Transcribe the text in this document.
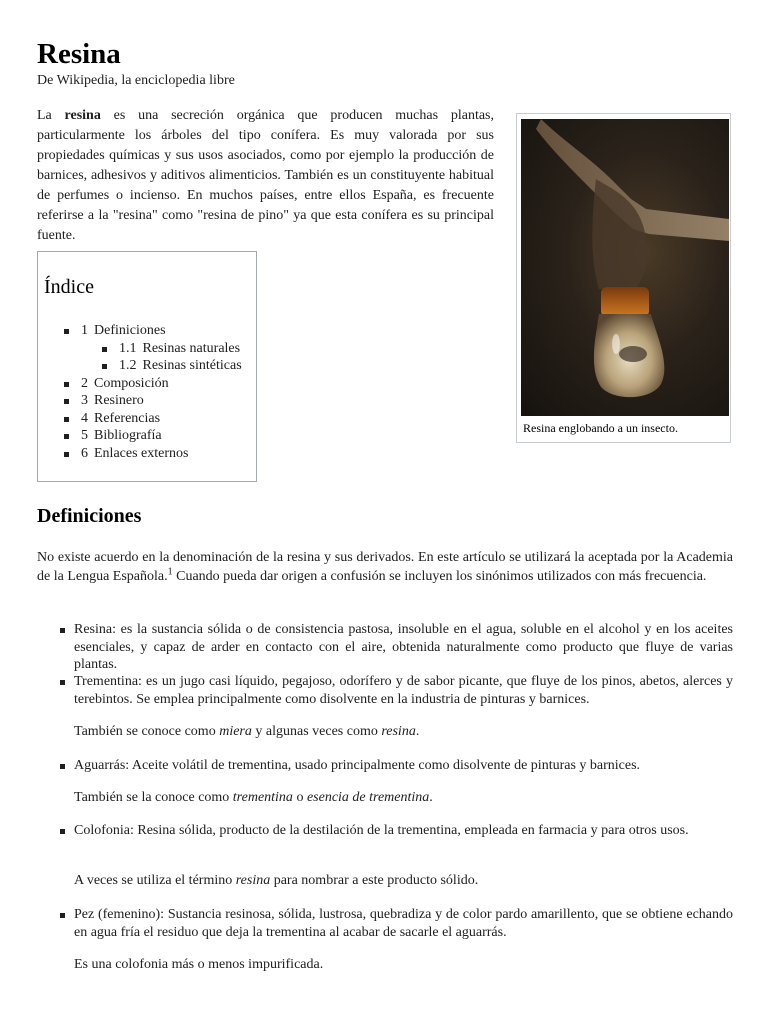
Resina
De Wikipedia, la enciclopedia libre

La resina es una secreción orgánica que producen muchas plantas, particularmente los árboles del tipo conífera. Es muy valorada por sus propiedades químicas y sus usos asociados, como por ejemplo la producción de barnices, adhesivos y aditivos alimenticios. También es un constituyente habitual de perfumes o incienso. En muchos países, entre ellos España, es frecuente referirse a la "resina" como "resina de pino" ya que esta conífera es su principal fuente.

Resina englobando a un insecto.
Índice
1 Definiciones
1.1 Resinas naturales
1.2 Resinas sintéticas
2 Composición
3 Resinero
4 Referencias
5 Bibliografía
6 Enlaces externos
Definiciones

No existe acuerdo en la denominación de la resina y sus derivados. En este artículo se utilizará la aceptada por la Academia de la Lengua Española.$^1$ Cuando pueda dar origen a confusión se incluyen los sinónimos utilizados con más frecuencia.

Resina: es la sustancia sólida o de consistencia pastosa, insoluble en el agua, soluble en el alcohol y en los aceites esenciales, y capaz de arder en contacto con el aire, obtenida naturalmente como producto que fluye de varias plantas.

Trementina: es un jugo casi líquido, pegajoso, odorífero y de sabor picante, que fluye de los pinos, abetos, alerces y terebintos. Se emplea principalmente como disolvente en la industria de pinturas y barnices.

También se conoce como miera y algunas veces como resina.

Aguarrás: Aceite volátil de trementina, usado principalmente como disolvente de pinturas y barnices.

También se la conoce como trementina o esencia de trementina.

Colofonia: Resina sólida, producto de la destilación de la trementina, empleada en farmacia y para otros usos.

A veces se utiliza el término resina para nombrar a este producto sólido.

Pez (femenino): Sustancia resinosa, sólida, lustrosa, quebradiza y de color pardo amarillento, que se obtiene echando en agua fría el residuo que deja la trementina al acabar de sacarle el aguarrás.

Es una colofonia más o menos impurificada.
